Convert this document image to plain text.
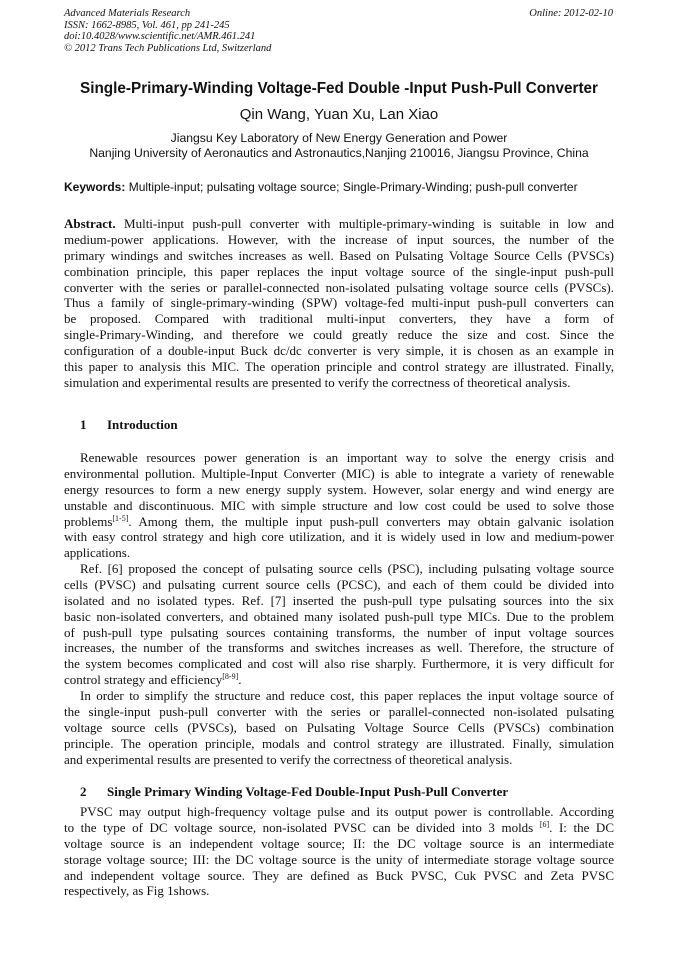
Advanced Materials Research
ISSN: 1662-8985, Vol. 461, pp 241-245
doi:10.4028/www.scientific.net/AMR.461.241
© 2012 Trans Tech Publications Ltd, Switzerland
Online: 2012-02-10
Single-Primary-Winding Voltage-Fed Double -Input Push-Pull Converter
Qin Wang, Yuan Xu, Lan Xiao
Jiangsu Key Laboratory of New Energy Generation and Power
Nanjing University of Aeronautics and Astronautics,Nanjing 210016, Jiangsu Province, China
Keywords: Multiple-input; pulsating voltage source; Single-Primary-Winding; push-pull converter
Abstract. Multi-input push-pull converter with multiple-primary-winding is suitable in low and
medium-power applications. However, with the increase of input sources, the number of the
primary windings and switches increases as well. Based on Pulsating Voltage Source Cells (PVSCs)
combination principle, this paper replaces the input voltage source of the single-input push-pull
converter with the series or parallel-connected non-isolated pulsating voltage source cells (PVSCs).
Thus a family of single-primary-winding (SPW) voltage-fed multi-input push-pull converters can
be proposed. Compared with traditional multi-input converters, they have a form of
single-Primary-Winding, and therefore we could greatly reduce the size and cost. Since the
configuration of a double-input Buck dc/dc converter is very simple, it is chosen as an example in
this paper to analysis this MIC. The operation principle and control strategy are illustrated. Finally,
simulation and experimental results are presented to verify the correctness of theoretical analysis.
1 Introduction
Renewable resources power generation is an important way to solve the energy crisis and
environmental pollution. Multiple-Input Converter (MIC) is able to integrate a variety of renewable
energy resources to form a new energy supply system. However, solar energy and wind energy are
unstable and discontinuous. MIC with simple structure and low cost could be used to solve those
problems[1-5]. Among them, the multiple input push-pull converters may obtain galvanic isolation
with easy control strategy and high core utilization, and it is widely used in low and medium-power
applications.
Ref. [6] proposed the concept of pulsating source cells (PSC), including pulsating voltage source
cells (PVSC) and pulsating current source cells (PCSC), and each of them could be divided into
isolated and no isolated types. Ref. [7] inserted the push-pull type pulsating sources into the six
basic non-isolated converters, and obtained many isolated push-pull type MICs. Due to the problem
of push-pull type pulsating sources containing transforms, the number of input voltage sources
increases, the number of the transforms and switches increases as well. Therefore, the structure of
the system becomes complicated and cost will also rise sharply. Furthermore, it is very difficult for
control strategy and efficiency[8-9].
In order to simplify the structure and reduce cost, this paper replaces the input voltage source of
the single-input push-pull converter with the series or parallel-connected non-isolated pulsating
voltage source cells (PVSCs), based on Pulsating Voltage Source Cells (PVSCs) combination
principle. The operation principle, modals and control strategy are illustrated. Finally, simulation
and experimental results are presented to verify the correctness of theoretical analysis.
2 Single Primary Winding Voltage-Fed Double-Input Push-Pull Converter
PVSC may output high-frequency voltage pulse and its output power is controllable. According
to the type of DC voltage source, non-isolated PVSC can be divided into 3 molds [6]. I: the DC
voltage source is an independent voltage source; II: the DC voltage source is an intermediate
storage voltage source; III: the DC voltage source is the unity of intermediate storage voltage source
and independent voltage source. They are defined as Buck PVSC, Cuk PVSC and Zeta PVSC
respectively, as Fig 1shows.
